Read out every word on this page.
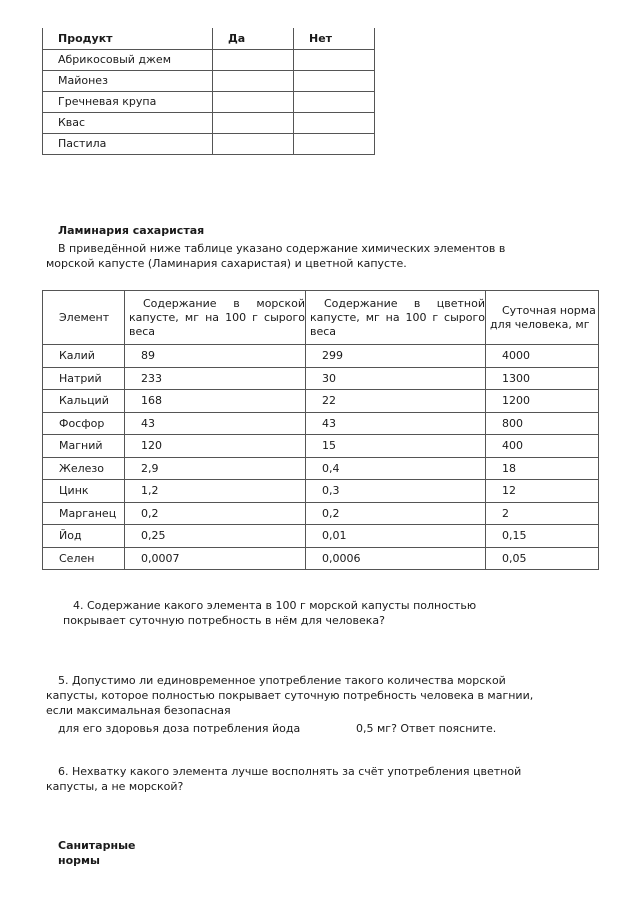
Продукт	Да	Нет
Абрикосовый джем		
Майонез		
Гречневая крупа		
Квас		
Пастила		
Ламинария сахаристая
В приведённой ниже таблице указано содержание химических элементов в
морской капусте (Ламинария сахаристая) и цветной капусте.
Элемент	Содержание в морской капусте, мг на 100 г сырого веса	Содержание в цветной капусте, мг на 100 г сырого веса	Суточная норма для человека, мг
Калий	89	299	4000
Натрий	233	30	1300
Кальций	168	22	1200
Фосфор	43	43	800
Магний	120	15	400
Железо	2,9	0,4	18
Цинк	1,2	0,3	12
Марганец	0,2	0,2	2
Йод	0,25	0,01	0,15
Селен	0,0007	0,0006	0,05
4. Содержание какого элемента в 100 г морской капусты полностью
покрывает суточную потребность в нём для человека?
5. Допустимо ли единовременное употребление такого количества морской
капусты, которое полностью покрывает суточную потребность человека в магнии,
если максимальная безопасная
для его здоровья доза потребления йода	0,5 мг? Ответ поясните.
6. Нехватку какого элемента лучше восполнять за счёт употребления цветной
капусты, а не морской?
Санитарные
нормы
